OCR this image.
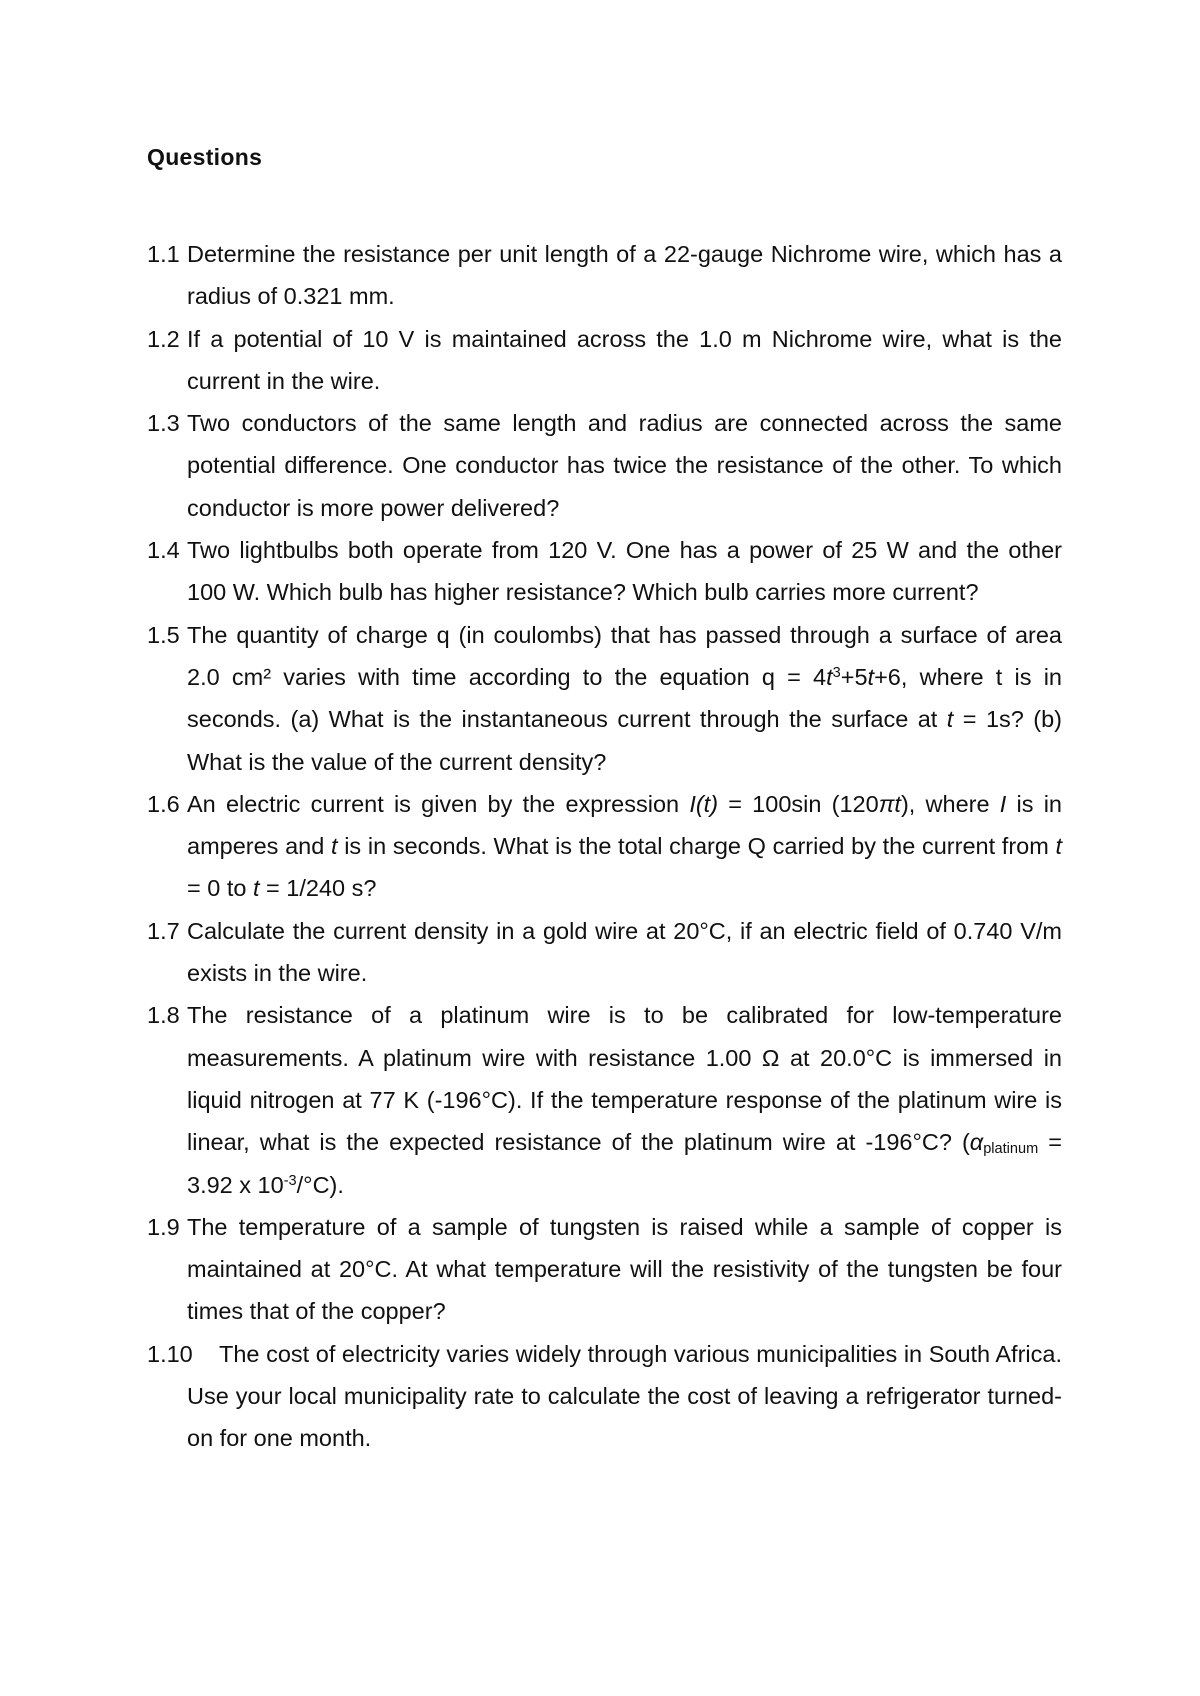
Questions
1.1 Determine the resistance per unit length of a 22-gauge Nichrome wire, which has a radius of 0.321 mm.
1.2 If a potential of 10 V is maintained across the 1.0 m Nichrome wire, what is the current in the wire.
1.3 Two conductors of the same length and radius are connected across the same potential difference. One conductor has twice the resistance of the other. To which conductor is more power delivered?
1.4 Two lightbulbs both operate from 120 V. One has a power of 25 W and the other 100 W. Which bulb has higher resistance? Which bulb carries more current?
1.5 The quantity of charge q (in coulombs) that has passed through a surface of area 2.0 cm² varies with time according to the equation $q = 4t^3+5t+6$, where t is in seconds. (a) What is the instantaneous current through the surface at t = 1s? (b) What is the value of the current density?
1.6 An electric current is given by the expression I(t) = 100sin (120πt), where I is in amperes and t is in seconds. What is the total charge Q carried by the current from t = 0 to t = 1/240 s?
1.7 Calculate the current density in a gold wire at 20°C, if an electric field of 0.740 V/m exists in the wire.
1.8 The resistance of a platinum wire is to be calibrated for low-temperature measurements. A platinum wire with resistance 1.00 Ω at 20.0°C is immersed in liquid nitrogen at 77 K (-196°C). If the temperature response of the platinum wire is linear, what is the expected resistance of the platinum wire at -196°C? ($\alpha_{platinum} = 3.92$ x $10^{-3}/^\circ C$).
1.9 The temperature of a sample of tungsten is raised while a sample of copper is maintained at 20°C. At what temperature will the resistivity of the tungsten be four times that of the copper?
1.10 The cost of electricity varies widely through various municipalities in South Africa. Use your local municipality rate to calculate the cost of leaving a refrigerator turned-on for one month.
